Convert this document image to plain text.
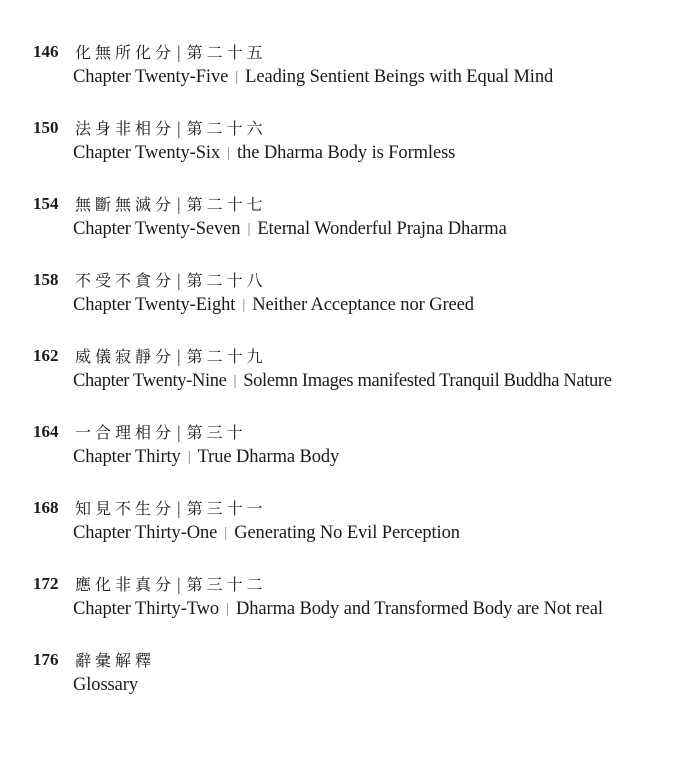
146	化無所化分 | 第二十五
Chapter Twenty-Five | Leading Sentient Beings with Equal Mind
150	法身非相分 | 第二十六
Chapter Twenty-Six | the Dharma Body is Formless
154	無斷無滅分 | 第二十七
Chapter Twenty-Seven | Eternal Wonderful Prajna Dharma
158	不受不貪分 | 第二十八
Chapter Twenty-Eight | Neither Acceptance nor Greed
162	威儀寂靜分 | 第二十九
Chapter Twenty-Nine | Solemn Images manifested Tranquil Buddha Nature
164	一合理相分 | 第三十
Chapter Thirty | True Dharma Body
168	知見不生分 | 第三十一
Chapter Thirty-One | Generating No Evil Perception
172	應化非真分 | 第三十二
Chapter Thirty-Two | Dharma Body and Transformed Body are Not real
176	辭彙解釋
Glossary
